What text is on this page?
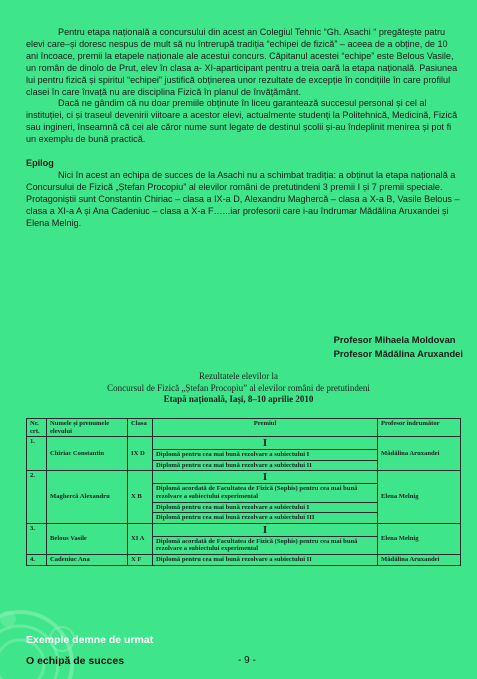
Pentru etapa națională a concursului din acest an Colegiul Tehnic “Gh. Asachi “ pregătește patru elevi care–și doresc nespus de mult să nu întrerupă tradiția “echipei de fizică” – aceea de a obține, de 10 ani încoace, premii la etapele naționale ale acestui concurs. Căpitanul acestei “echipe” este Belous Vasile, un român de dinolo de Prut, elev în clasa a- XI-aparticipant pentru a treia oară la etapa națională. Pasiunea lui pentru fizică și spiritul “echipei” justifică obținerea unor rezultate de excepție în condițiile în care profilul clasei în care învață nu are disciplina Fizică în planul de învățământ.

Dacă ne gândim că nu doar premiile obținute în liceu garantează succesul personal și cel al instituției, ci și traseul devenirii viitoare a acestor elevi, actualmente studenți la Politehnică, Medicină, Fizică sau ingineri, înseamnă că cei ale căror nume sunt legate de destinul școlii și-au îndeplinit menirea și pot fi un exemplu de bună practică.

Epilog

Nici în acest an echipa de succes de la Asachi nu a schimbat tradiția: a obținut la etapa națională a Concursului de Fizică „Ștefan Procopiu” al elevilor români de pretutindeni 3 premii I și 7 premii speciale. Protagoniștii sunt Constantin Chiriac – clasa a IX-a D, Alexandru Maghercă – clasa a X-a B, Vasile Belous – clasa a XI-a A și Ana Cadeniuc – clasa a X-a F…...iar profesorii care i-au îndrumar Mădălina Aruxandei și Elena Melnig.

Profesor Mihaela Moldovan
Profesor Mădălina Aruxandei
Rezultatele elevilor la
Concursul de Fizică „Ștefan Procopiu” al elevilor români de pretutindeni
Etapă națională, Iași, 8–10 aprilie 2010
Nr. crt.	Numele și prenumele elevului	Clasa	Premiul	Profesor îndrumător
1.	Chiriac Constantin	IX D	I	Mădălina Aruxandei
			Diplomă pentru cea mai bună rezolvare a subiectului I	
			Diplomă pentru cea mai bună rezolvare a subiectului II	
2.	Maghercă Alexandru	X B	I	Elena Melnig
			Diplomă acordată de Facultatea de Fizică (Sophis) pentru cea mai bună rezolvare a subiectului experimental	
			Diplomă pentru cea mai bună rezolvare a subiectului I	
			Diplomă pentru cea mai bună rezolvare a subiectului III	
3.	Belous Vasile	XI A	I	Elena Melnig
			Diplomă acordată de Facultatea de Fizică (Sophis) pentru cea mai bună rezolvare a subiectului experimental	
4.	Cadeniuc Ana	X F	Diplomă pentru cea mai bună rezolvare a subiectului II	Mădălina Aruxandei
Exemple demne de urmat
O echipă de succes	- 9 -
